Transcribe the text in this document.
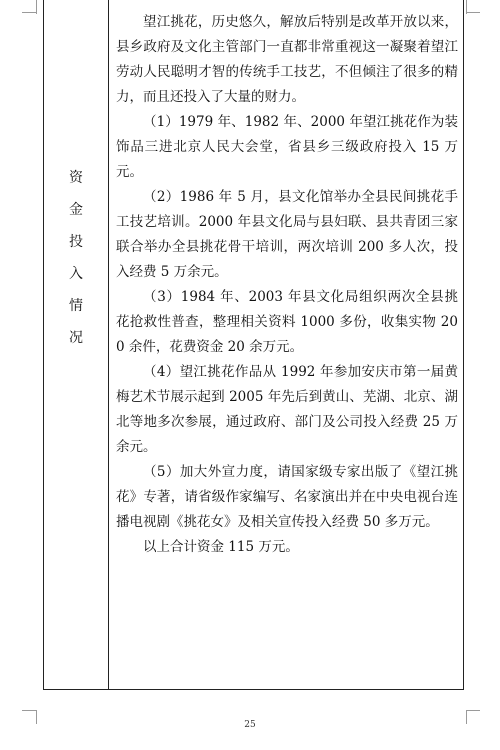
资
金
投
入
情
况

望江挑花，历史悠久，解放后特别是改革开放以来，县乡政府及文化主管部门一直都非常重视这一凝聚着望江劳动人民聪明才智的传统手工技艺，不但倾注了很多的精力，而且还投入了大量的财力。

（1）1979 年、1982 年、2000 年望江挑花作为装饰品三进北京人民大会堂，省县乡三级政府投入 15 万元。

（2）1986 年 5 月，县文化馆举办全县民间挑花手工技艺培训。2000 年县文化局与县妇联、县共青团三家联合举办全县挑花骨干培训，两次培训 200 多人次，投入经费 5 万余元。

（3）1984 年、2003 年县文化局组织两次全县挑花抢救性普查，整理相关资料 1000 多份，收集实物 200 余件，花费资金 20 余万元。

（4）望江挑花作品从 1992 年参加安庆市第一届黄梅艺术节展示起到 2005 年先后到黄山、芜湖、北京、湖北等地多次参展，通过政府、部门及公司投入经费 25 万余元。

（5）加大外宣力度，请国家级专家出版了《望江挑花》专著，请省级作家编写、名家演出并在中央电视台连播电视剧《挑花女》及相关宣传投入经费 50 多万元。

以上合计资金 115 万元。

25
